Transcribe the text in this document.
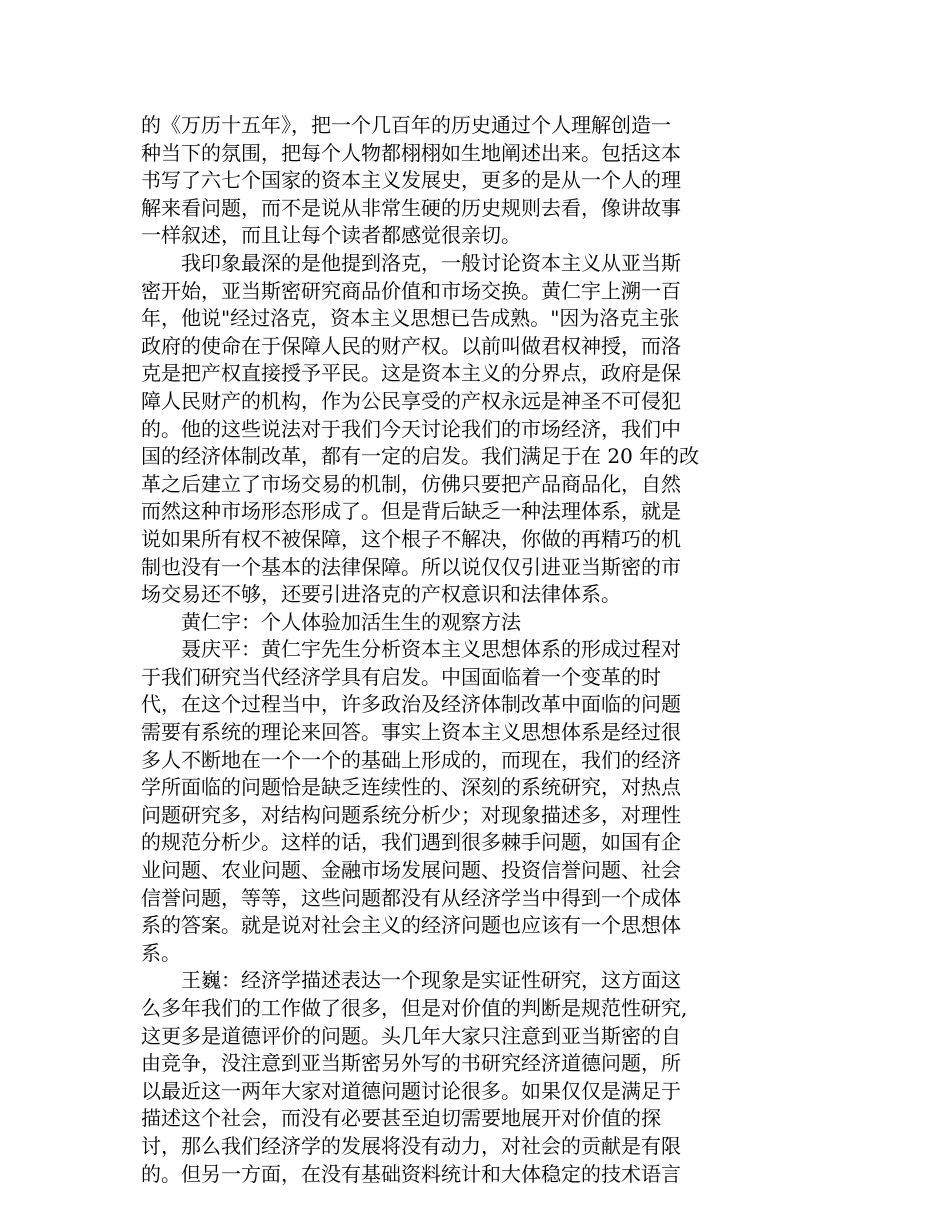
的《万历十五年》，把一个几百年的历史通过个人理解创造一
种当下的氛围，把每个人物都栩栩如生地阐述出来。包括这本
书写了六七个国家的资本主义发展史，更多的是从一个人的理
解来看问题，而不是说从非常生硬的历史规则去看，像讲故事
一样叙述，而且让每个读者都感觉很亲切。
　　我印象最深的是他提到洛克，一般讨论资本主义从亚当斯
密开始，亚当斯密研究商品价值和市场交换。黄仁宇上溯一百
年，他说"经过洛克，资本主义思想已告成熟。"因为洛克主张
政府的使命在于保障人民的财产权。以前叫做君权神授，而洛
克是把产权直接授予平民。这是资本主义的分界点，政府是保
障人民财产的机构，作为公民享受的产权永远是神圣不可侵犯
的。他的这些说法对于我们今天讨论我们的市场经济，我们中
国的经济体制改革，都有一定的启发。我们满足于在 20 年的改
革之后建立了市场交易的机制，仿佛只要把产品商品化，自然
而然这种市场形态形成了。但是背后缺乏一种法理体系，就是
说如果所有权不被保障，这个根子不解决，你做的再精巧的机
制也没有一个基本的法律保障。所以说仅仅引进亚当斯密的市
场交易还不够，还要引进洛克的产权意识和法律体系。
　　黄仁宇：个人体验加活生生的观察方法
　　聂庆平：黄仁宇先生分析资本主义思想体系的形成过程对
于我们研究当代经济学具有启发。中国面临着一个变革的时
代，在这个过程当中，许多政治及经济体制改革中面临的问题
需要有系统的理论来回答。事实上资本主义思想体系是经过很
多人不断地在一个一个的基础上形成的，而现在，我们的经济
学所面临的问题恰是缺乏连续性的、深刻的系统研究，对热点
问题研究多，对结构问题系统分析少；对现象描述多，对理性
的规范分析少。这样的话，我们遇到很多棘手问题，如国有企
业问题、农业问题、金融市场发展问题、投资信誉问题、社会
信誉问题，等等，这些问题都没有从经济学当中得到一个成体
系的答案。就是说对社会主义的经济问题也应该有一个思想体
系。
　　王巍：经济学描述表达一个现象是实证性研究，这方面这
么多年我们的工作做了很多，但是对价值的判断是规范性研究,
这更多是道德评价的问题。头几年大家只注意到亚当斯密的自
由竞争，没注意到亚当斯密另外写的书研究经济道德问题，所
以最近这一两年大家对道德问题讨论很多。如果仅仅是满足于
描述这个社会，而没有必要甚至迫切需要地展开对价值的探
讨，那么我们经济学的发展将没有动力，对社会的贡献是有限
的。但另一方面，在没有基础资料统计和大体稳定的技术语言
